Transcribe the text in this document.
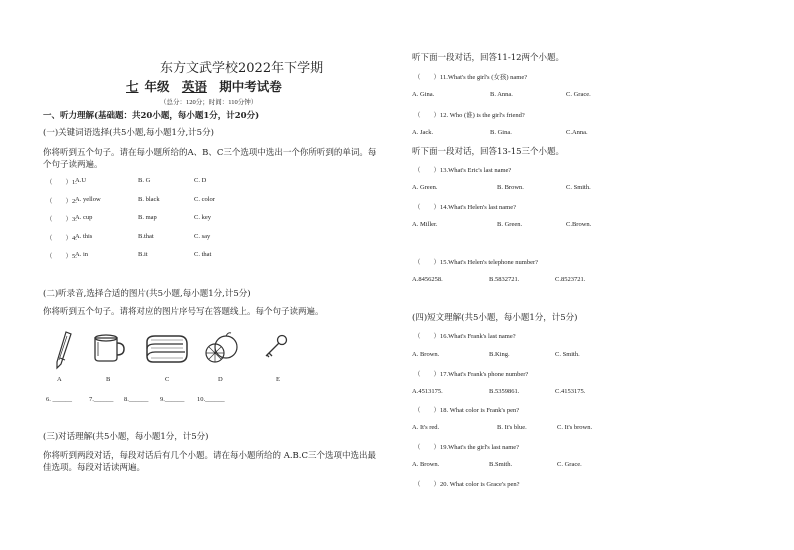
东方文武学校2022年下学期
七 年级 英语 期中考试卷
（总分：120分；时间：110分钟）
一、听力理解(基础题：共20小题，每小题1分，计20分)
(一)关键词语选择(共5小题,每小题1分,计5分)
你将听到五个句子。请在每小题所给的A、B、C三个选项中选出一个你所听到的单词。每
个句子读两遍。
（　　）1.
A.U	B. G	C. D
（　　）2.
A. yellow	B. black	C. color
（　　）3.
A. cup	B. map	C. key
（　　）4.
A. this	B.that	C. say
（　　）5.
A. in	B.it	C. that
(二)听录音,选择合适的图片(共5小题,每小题1分,计5分)
你将听到五个句子。请将对应的图片序号写在答题线上。每个句子读两遍。
A	B	C	D	E
6. ______	7.______ 8.______ 9.______ 10.______
(三)对话理解(共5小题，每小题1分，计5分)
你将听到两段对话，每段对话后有几个小题。请在每小题所给的 A.B.C三个选项中选出最
佳选项。每段对话读两遍。
听下面一段对话，回答11-12两个小题。
（　　）11.What's the girl's (女孩) name?
A. Gina.	B. Anna.	C. Grace.
（　　）12. Who (谁) is the girl's friend?
A. Jack.	B. Gina.	C.Anna.
听下面一段对话，回答13-15三个小题。
（　　）13.What's Eric's last name?
A. Green.	B. Brown.	C. Smith.
（　　）14.What's Helen's last name?
A. Miller.	B. Green.	C.Brown.
（　　）15.What's Helen's telephone number?
A.8456258.	B.5832721.	C.8523721.
(四)短文理解(共5小题，每小题1分，计5分)
（　　）16.What's Frank's last name?
A. Brown.	B.King.	C. Smith.
（　　）17.What's Frank's phone number?
A.4513175.	B.5359861.	C.4153175.
（　　）18. What color is Frank's pen?
A. It's red.	B. It's blue.	C. It's brown.
（　　）19.What's the girl's last name?
A. Brown.	B.Smith.	C. Grace.
（　　）20. What color is Grace's pen?
